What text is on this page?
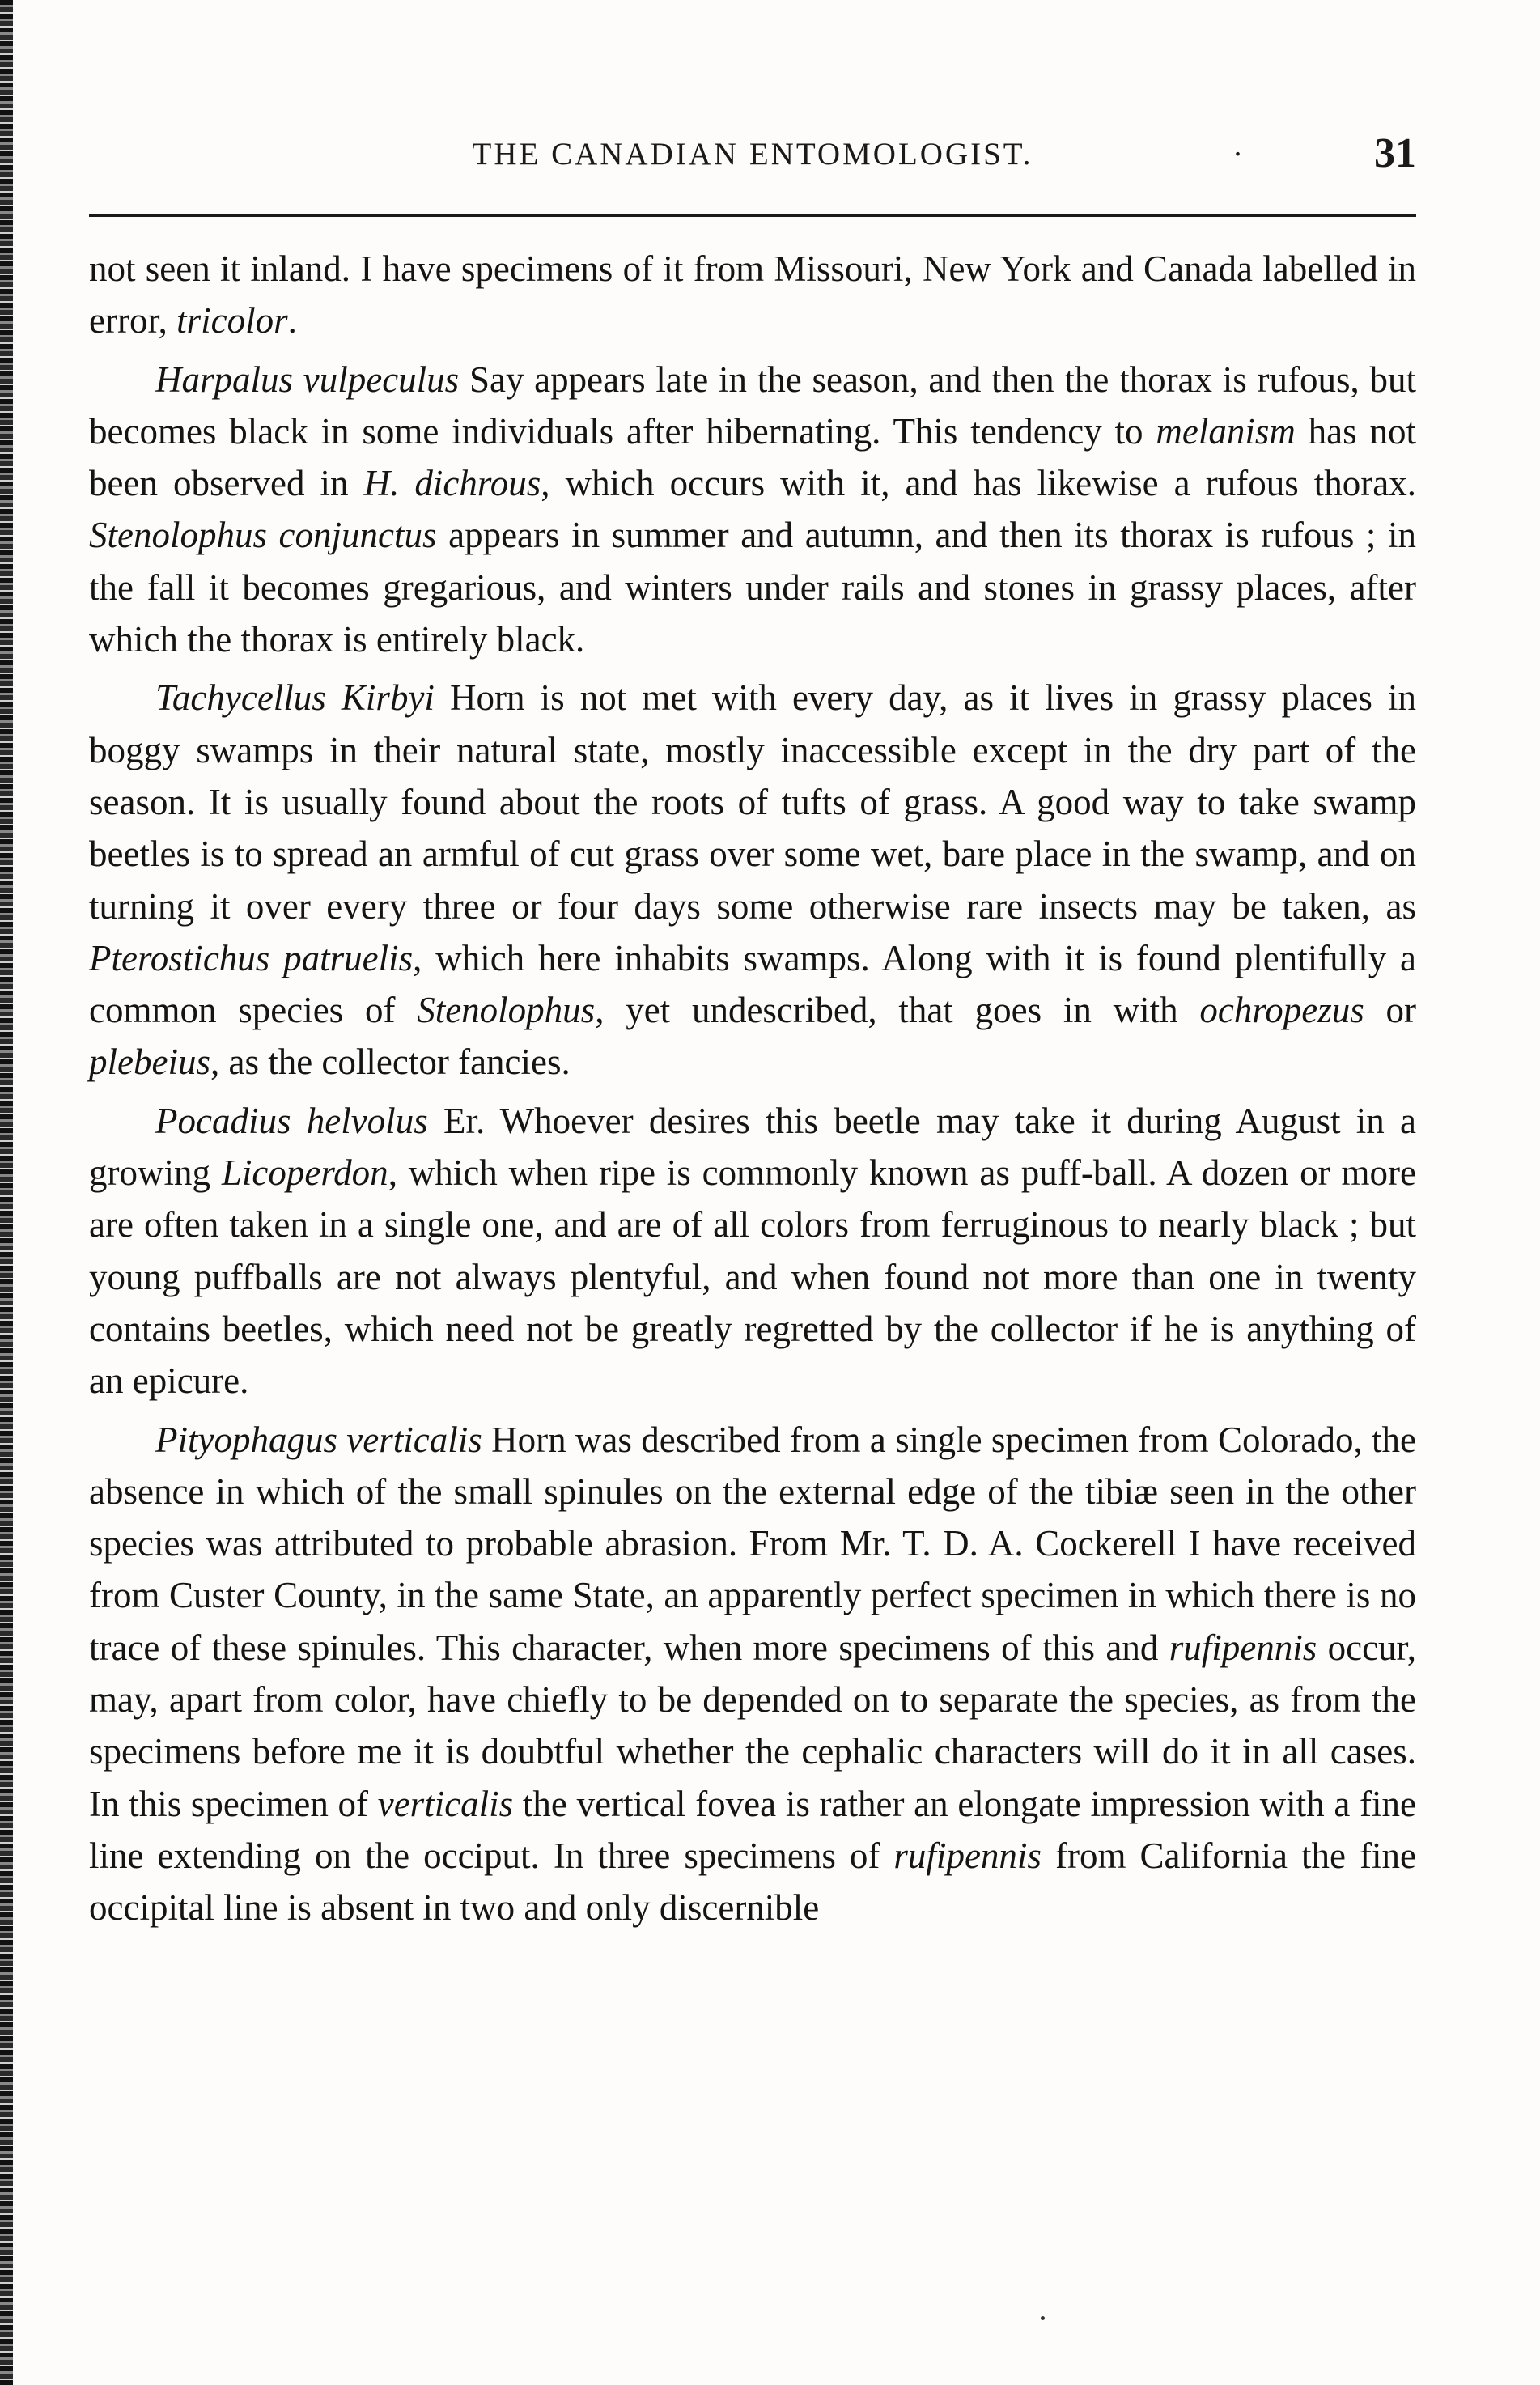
THE CANADIAN ENTOMOLOGIST.	·	31

not seen it inland. I have specimens of it from Missouri, New York and Canada labelled in error, tricolor.

Harpalus vulpeculus Say appears late in the season, and then the thorax is rufous, but becomes black in some individuals after hibernating. This tendency to melanism has not been observed in H. dichrous, which occurs with it, and has likewise a rufous thorax. Stenolophus conjunctus appears in summer and autumn, and then its thorax is rufous ; in the fall it becomes gregarious, and winters under rails and stones in grassy places, after which the thorax is entirely black.

Tachycellus Kirbyi Horn is not met with every day, as it lives in grassy places in boggy swamps in their natural state, mostly inaccessible except in the dry part of the season. It is usually found about the roots of tufts of grass. A good way to take swamp beetles is to spread an armful of cut grass over some wet, bare place in the swamp, and on turning it over every three or four days some otherwise rare insects may be taken, as Pterostichus patruelis, which here inhabits swamps. Along with it is found plentifully a common species of Stenolophus, yet undescribed, that goes in with ochropezus or plebeius, as the collector fancies.

Pocadius helvolus Er. Whoever desires this beetle may take it during August in a growing Licoperdon, which when ripe is commonly known as puff-ball. A dozen or more are often taken in a single one, and are of all colors from ferruginous to nearly black ; but young puffballs are not always plentyful, and when found not more than one in twenty contains beetles, which need not be greatly regretted by the collector if he is anything of an epicure.

Pityophagus verticalis Horn was described from a single specimen from Colorado, the absence in which of the small spinules on the external edge of the tibiæ seen in the other species was attributed to probable abrasion. From Mr. T. D. A. Cockerell I have received from Custer County, in the same State, an apparently perfect specimen in which there is no trace of these spinules. This character, when more specimens of this and rufipennis occur, may, apart from color, have chiefly to be depended on to separate the species, as from the specimens before me it is doubtful whether the cephalic characters will do it in all cases. In this specimen of verticalis the vertical fovea is rather an elongate impression with a fine line extending on the occiput. In three specimens of rufipennis from California the fine occipital line is absent in two and only discernible
